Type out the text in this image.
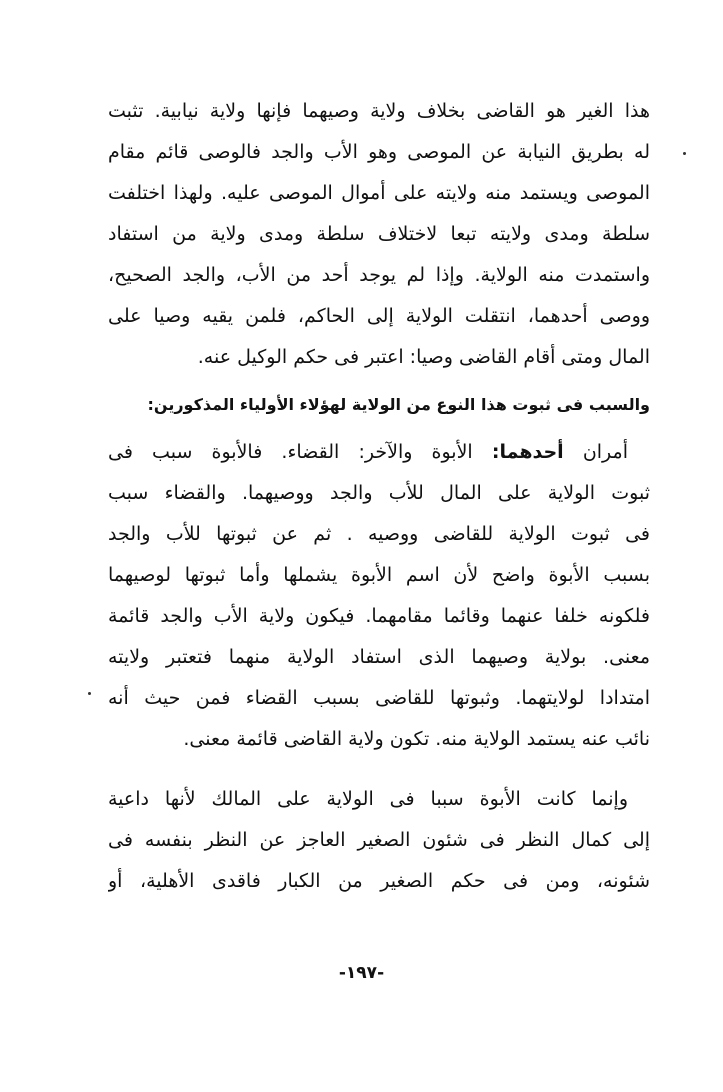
هذا الغير هو القاضى بخلاف ولاية وصيهما فإنها ولاية نيابية. تثبت
له بطريق النيابة عن الموصى وهو الأب والجد فالوصى قائم مقام
الموصى ويستمد منه ولايته على أموال الموصى عليه. ولهذا اختلفت
سلطة ومدى ولايته تبعا لاختلاف سلطة ومدى ولاية من استفاد
واستمدت منه الولاية. وإذا لم يوجد أحد من الأب، والجد الصحيح،
ووصى أحدهما، انتقلت الولاية إلى الحاكم، فلمن يقيه وصيا على
المال ومتى أقام القاضى وصيا: اعتبر فى حكم الوكيل عنه.
والسبب فى ثبوت هذا النوع من الولاية لهؤلاء الأولياء المذكورين:
أمران أحدهما: الأبوة والآخر: القضاء. فالأبوة سبب فى
ثبوت الولاية على المال للأب والجد ووصيهما. والقضاء سبب
فى ثبوت الولاية للقاضى ووصيه . ثم عن ثبوتها للأب والجد
بسبب الأبوة واضح لأن اسم الأبوة يشملها وأما ثبوتها لوصيهما
فلكونه خلفا عنهما وقائما مقامهما. فيكون ولاية الأب والجد قائمة
معنى. بولاية وصيهما الذى استفاد الولاية منهما فتعتبر ولايته
امتدادا لولايتهما. وثبوتها للقاضى بسبب القضاء فمن حيث أنه
نائب عنه يستمد الولاية منه. تكون ولاية القاضى قائمة معنى.
وإنما كانت الأبوة سببا فى الولاية على المالك لأنها داعية
إلى كمال النظر فى شئون الصغير العاجز عن النظر بنفسه فى
شئونه، ومن فى حكم الصغير من الكبار فاقدى الأهلية، أو
-١٩٧-
